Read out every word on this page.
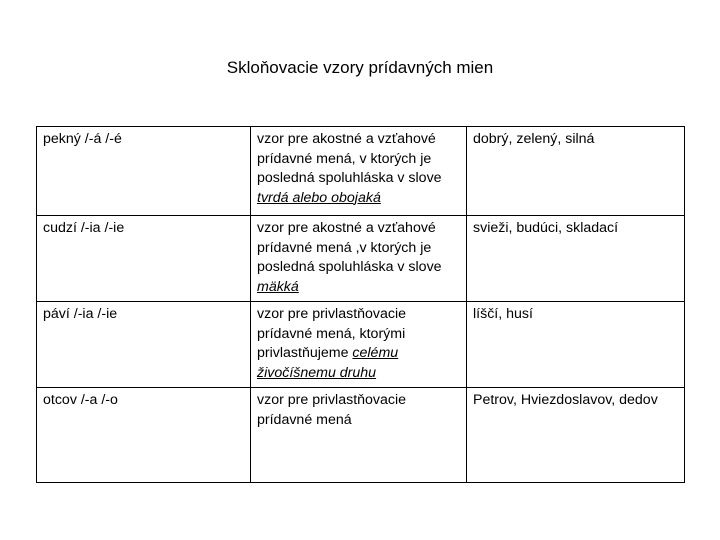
Skloňovacie vzory prídavných mien
pekný /-á /-é	vzor pre akostné a vzťahové prídavné mená, v ktorých je posledná spoluhláska v slove tvrdá alebo obojaká	dobrý, zelený, silná
cudzí /-ia /-ie	vzor pre akostné a vzťahové prídavné mená ,v ktorých je posledná spoluhláska v slove mäkká	svieži, budúci, skladací
páví /-ia /-ie	vzor pre privlastňovacie prídavné mená, ktorými privlastňujeme celému živočíšnemu druhu	líščí, husí
otcov /-a /-o	vzor pre privlastňovacie prídavné mená	Petrov, Hviezdoslavov, dedov
